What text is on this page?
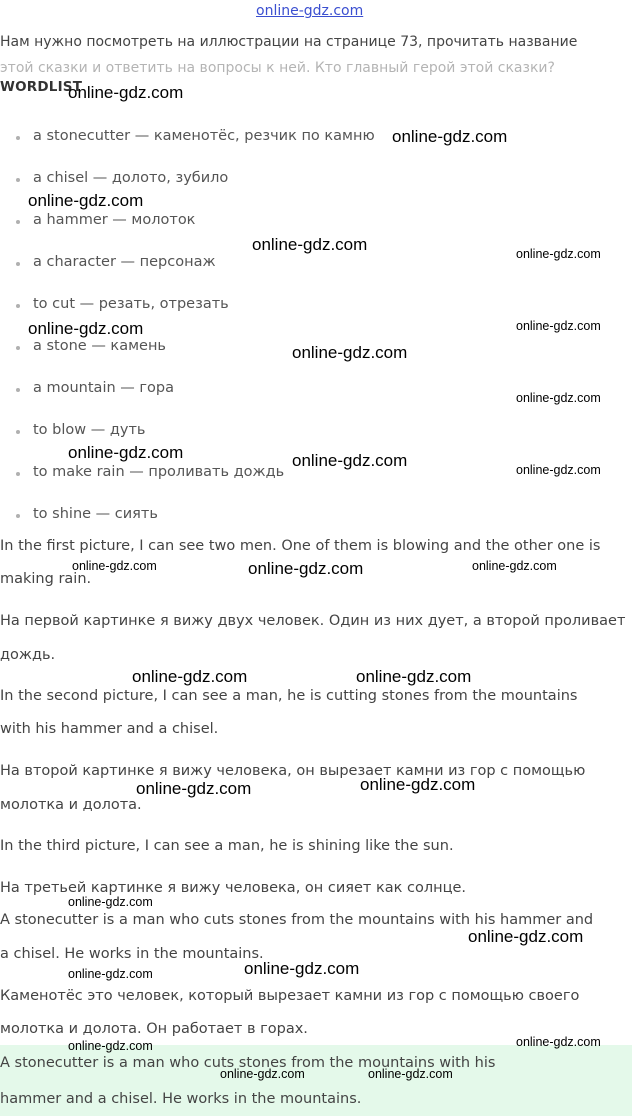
online-gdz.com
Нам нужно посмотреть на иллюстрации на странице 73, прочитать название
этой сказки и ответить на вопросы к ней. Кто главный герой этой сказки?
WORDLIST
a stonecutter — каменотёс, резчик по камню
a chisel — долото, зубило
a hammer — молоток
a character — персонаж
to cut — резать, отрезать
a stone — камень
a mountain — гора
to blow — дуть
to make rain — проливать дождь
to shine — сиять
In the first picture, I can see two men. One of them is blowing and the other one is
making rain.
На первой картинке я вижу двух человек. Один из них дует, а второй проливает
дождь.
In the second picture, I can see a man, he is cutting stones from the mountains
with his hammer and a chisel.
На второй картинке я вижу человека, он вырезает камни из гор с помощью
молотка и долота.
In the third picture, I can see a man, he is shining like the sun.
На третьей картинке я вижу человека, он сияет как солнце.
A stonecutter is a man who cuts stones from the mountains with his hammer and
a chisel. He works in the mountains.
Каменотёс это человек, который вырезает камни из гор с помощью своего
молотка и долота. Он работает в горах.
A stonecutter is a man who cuts stones from the mountains with his
hammer and a chisel. He works in the mountains.
online-gdz.com
online-gdz.com
online-gdz.com
online-gdz.com	online-gdz.com
online-gdz.com	online-gdz.com
online-gdz.com
online-gdz.com
online-gdz.com	online-gdz.com	online-gdz.com
online-gdz.com	online-gdz.com	online-gdz.com
online-gdz.com	online-gdz.com
online-gdz.com	online-gdz.com
online-gdz.com
online-gdz.com
online-gdz.com
online-gdz.com
online-gdz.com
online-gdz.com
online-gdz.com	online-gdz.com
